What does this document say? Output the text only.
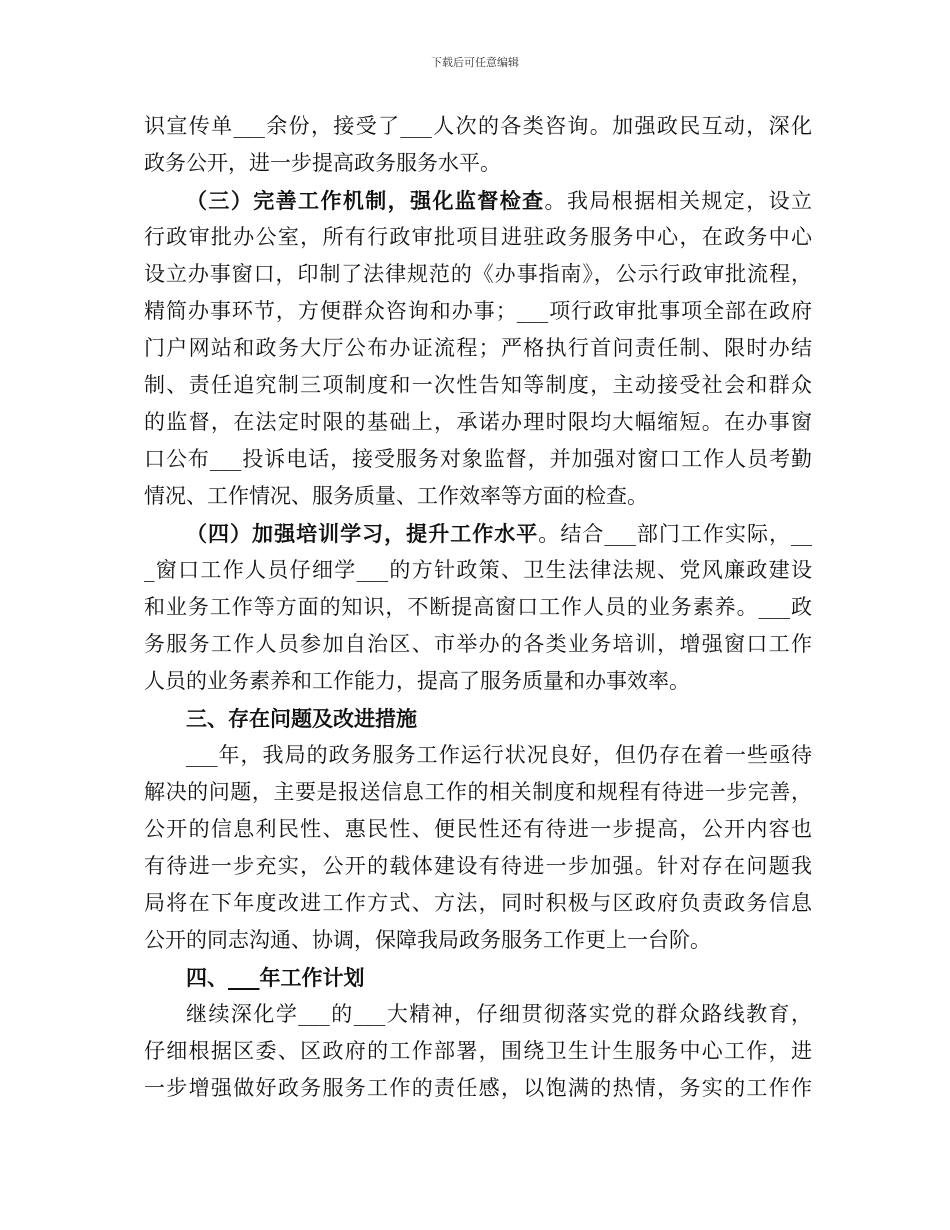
下载后可任意编辑
识宣传单___余份，接受了___人次的各类咨询。加强政民互动，深化
政务公开，进一步提高政务服务水平。
（三）完善工作机制，强化监督检查。我局根据相关规定，设立
行政审批办公室，所有行政审批项目进驻政务服务中心，在政务中心
设立办事窗口，印制了法律规范的《办事指南》，公示行政审批流程，
精简办事环节，方便群众咨询和办事；___项行政审批事项全部在政府
门户网站和政务大厅公布办证流程；严格执行首问责任制、限时办结
制、责任追究制三项制度和一次性告知等制度，主动接受社会和群众
的监督，在法定时限的基础上，承诺办理时限均大幅缩短。在办事窗
口公布___投诉电话，接受服务对象监督，并加强对窗口工作人员考勤
情况、工作情况、服务质量、工作效率等方面的检查。
（四）加强培训学习，提升工作水平。结合___部门工作实际，__
_窗口工作人员仔细学___的方针政策、卫生法律法规、党风廉政建设
和业务工作等方面的知识，不断提高窗口工作人员的业务素养。___政
务服务工作人员参加自治区、市举办的各类业务培训，增强窗口工作
人员的业务素养和工作能力，提高了服务质量和办事效率。
三、存在问题及改进措施
___年，我局的政务服务工作运行状况良好，但仍存在着一些亟待
解决的问题，主要是报送信息工作的相关制度和规程有待进一步完善，
公开的信息利民性、惠民性、便民性还有待进一步提高，公开内容也
有待进一步充实，公开的载体建设有待进一步加强。针对存在问题我
局将在下年度改进工作方式、方法，同时积极与区政府负责政务信息
公开的同志沟通、协调，保障我局政务服务工作更上一台阶。
四、___年工作计划
继续深化学___的___大精神，仔细贯彻落实党的群众路线教育，
仔细根据区委、区政府的工作部署，围绕卫生计生服务中心工作，进
一步增强做好政务服务工作的责任感，以饱满的热情，务实的工作作
